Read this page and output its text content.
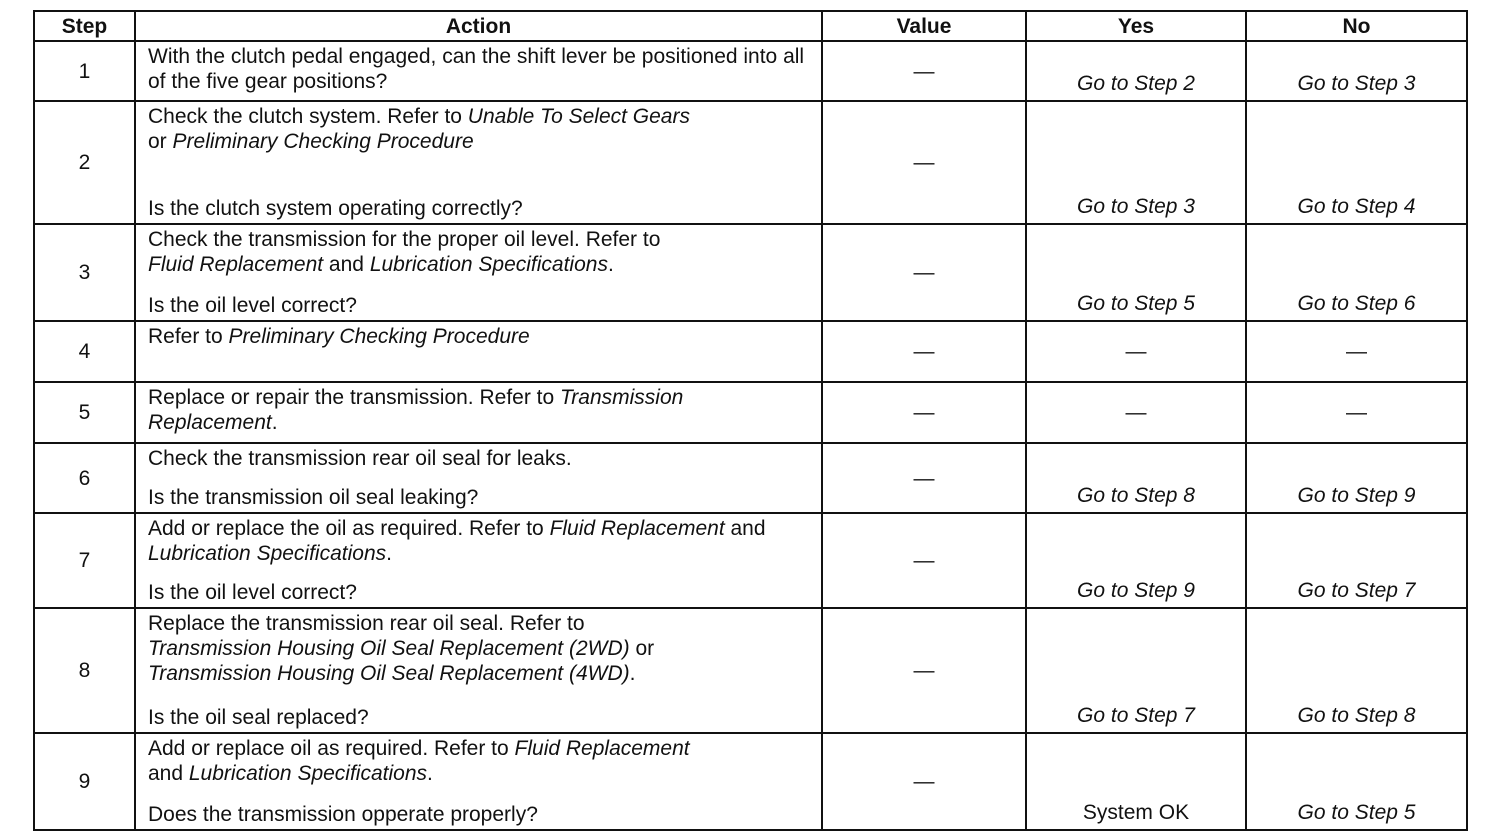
Step	Action	Value	Yes	No
1	With the clutch pedal engaged, can the shift lever be positioned into all of the five gear positions?	—	Go to Step 2	Go to Step 3
2	Check the clutch system. Refer to Unable To Select Gears
or Preliminary Checking Procedure
Is the clutch system operating correctly?	—	Go to Step 3	Go to Step 4
3	Check the transmission for the proper oil level. Refer to
Fluid Replacement and Lubrication Specifications.
Is the oil level correct?	—	Go to Step 5	Go to Step 6
4	Refer to Preliminary Checking Procedure	—	—	—
5	Replace or repair the transmission. Refer to Transmission Replacement.	—	—	—
6	Check the transmission rear oil seal for leaks.
Is the transmission oil seal leaking?	—	Go to Step 8	Go to Step 9
7	Add or replace the oil as required. Refer to Fluid Replacement and Lubrication Specifications.
Is the oil level correct?	—	Go to Step 9	Go to Step 7
8	Replace the transmission rear oil seal. Refer to
Transmission Housing Oil Seal Replacement (2WD) or
Transmission Housing Oil Seal Replacement (4WD).
Is the oil seal replaced?	—	Go to Step 7	Go to Step 8
9	Add or replace oil as required. Refer to Fluid Replacement
and Lubrication Specifications.
Does the transmission opperate properly?	—	System OK	Go to Step 5
